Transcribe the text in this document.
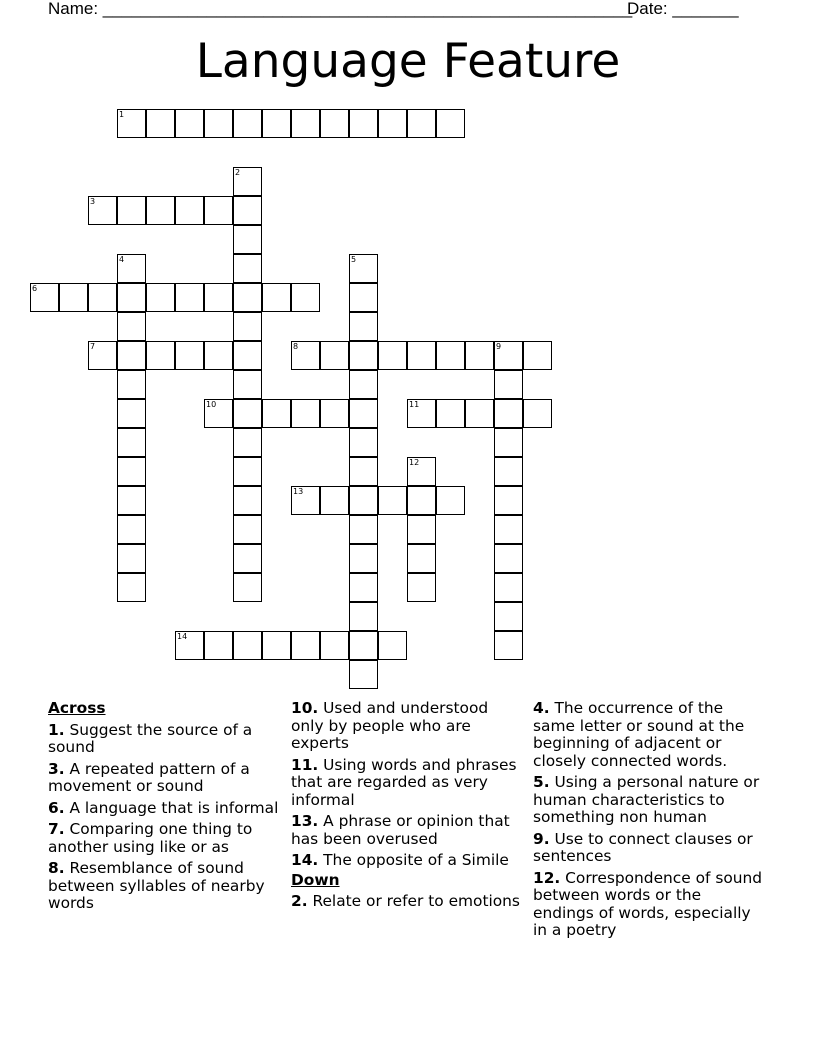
Name: ________________________________________________________
Date: _______
Language Feature
1
2
3
4	5
6
7	8	9
10	11
12
13
14

Across

1. Suggest the source of a sound

3. A repeated pattern of a movement or sound

6. A language that is informal

7. Comparing one thing to another using like or as

8. Resemblance of sound between syllables of nearby words

10. Used and understood only by people who are experts

11. Using words and phrases that are regarded as very informal

13. A phrase or opinion that has been overused

14. The opposite of a Simile

Down

2. Relate or refer to emotions

4. The occurrence of the same letter or sound at the beginning of adjacent or closely connected words.

5. Using a personal nature or human characteristics to something non human

9. Use to connect clauses or sentences

12. Correspondence of sound between words or the endings of words, especially in a poetry
